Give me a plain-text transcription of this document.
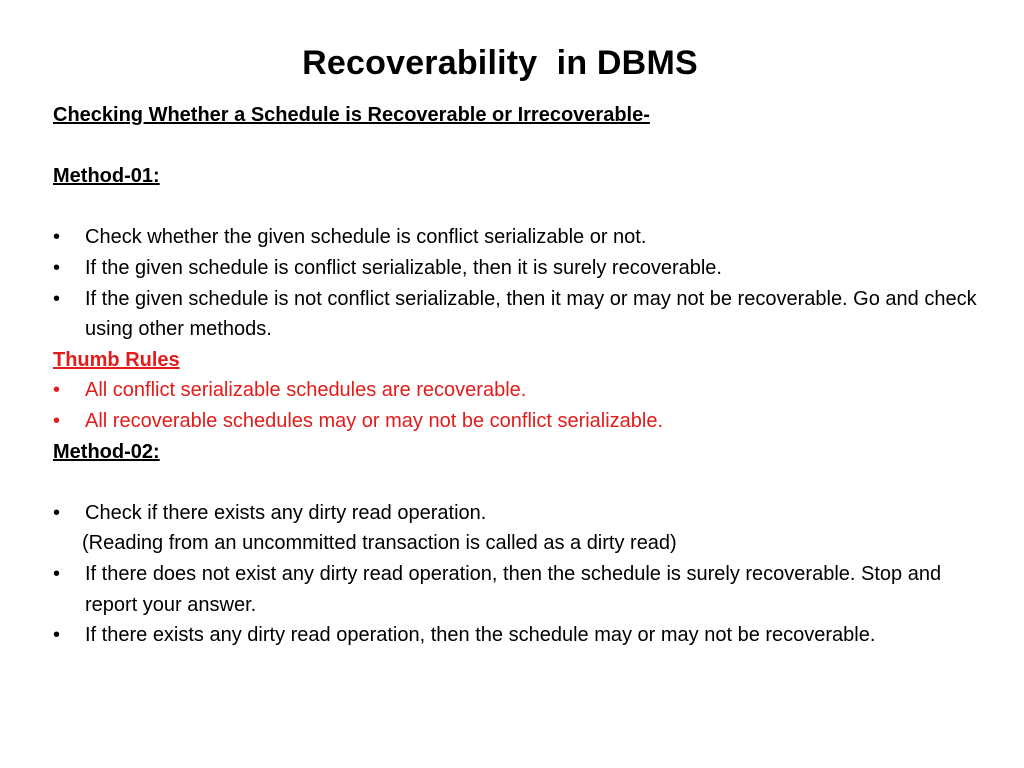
Recoverability  in DBMS
Checking Whether a Schedule is Recoverable or Irrecoverable-
Method-01:
• Check whether the given schedule is conflict serializable or not.
• If the given schedule is conflict serializable, then it is surely recoverable.
• If the given schedule is not conflict serializable, then it may or may not be recoverable. Go and check using other methods.
Thumb Rules
• All conflict serializable schedules are recoverable.
• All recoverable schedules may or may not be conflict serializable.
Method-02:
• Check if there exists any dirty read operation.
(Reading from an uncommitted transaction is called as a dirty read)
• If there does not exist any dirty read operation, then the schedule is surely recoverable. Stop and report your answer.
• If there exists any dirty read operation, then the schedule may or may not be recoverable.
